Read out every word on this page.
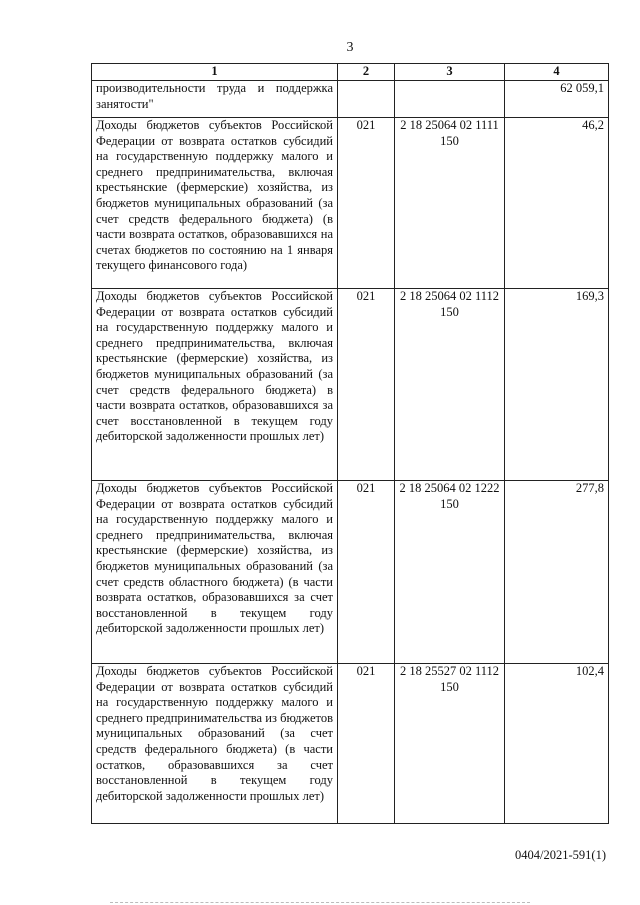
3
1	2	3	4
производительности труда и поддержка занятости"			62 059,1
Доходы бюджетов субъектов Российской Федерации от возврата остатков субсидий на государственную поддержку малого и среднего предпринимательства, включая крестьянские (фермерские) хозяйства, из бюджетов муниципальных образований (за счет средств федерального бюджета) (в части возврата остатков, образовавшихся на счетах бюджетов по состоянию на 1 января текущего финансового года)	021	2 18 25064 02 1111 150	46,2
Доходы бюджетов субъектов Российской Федерации от возврата остатков субсидий на государственную поддержку малого и среднего предпринимательства, включая крестьянские (фермерские) хозяйства, из бюджетов муниципальных образований (за счет средств федерального бюджета) в части возврата остатков, образовавшихся за счет восстановленной в текущем году дебиторской задолженности прошлых лет)	021	2 18 25064 02 1112 150	169,3
Доходы бюджетов субъектов Российской Федерации от возврата остатков субсидий на государственную поддержку малого и среднего предпринимательства, включая крестьянские (фермерские) хозяйства, из бюджетов муниципальных образований (за счет средств областного бюджета) (в части возврата остатков, образовавшихся за счет восстановленной в текущем году дебиторской задолженности прошлых лет)	021	2 18 25064 02 1222 150	277,8
Доходы бюджетов субъектов Российской Федерации от возврата остатков субсидий на государственную поддержку малого и среднего предпринимательства из бюджетов муниципальных образований (за счет средств федерального бюджета) (в части остатков, образовавшихся за счет восстановленной в текущем году дебиторской задолженности прошлых лет)	021	2 18 25527 02 1112 150	102,4
0404/2021-591(1)
